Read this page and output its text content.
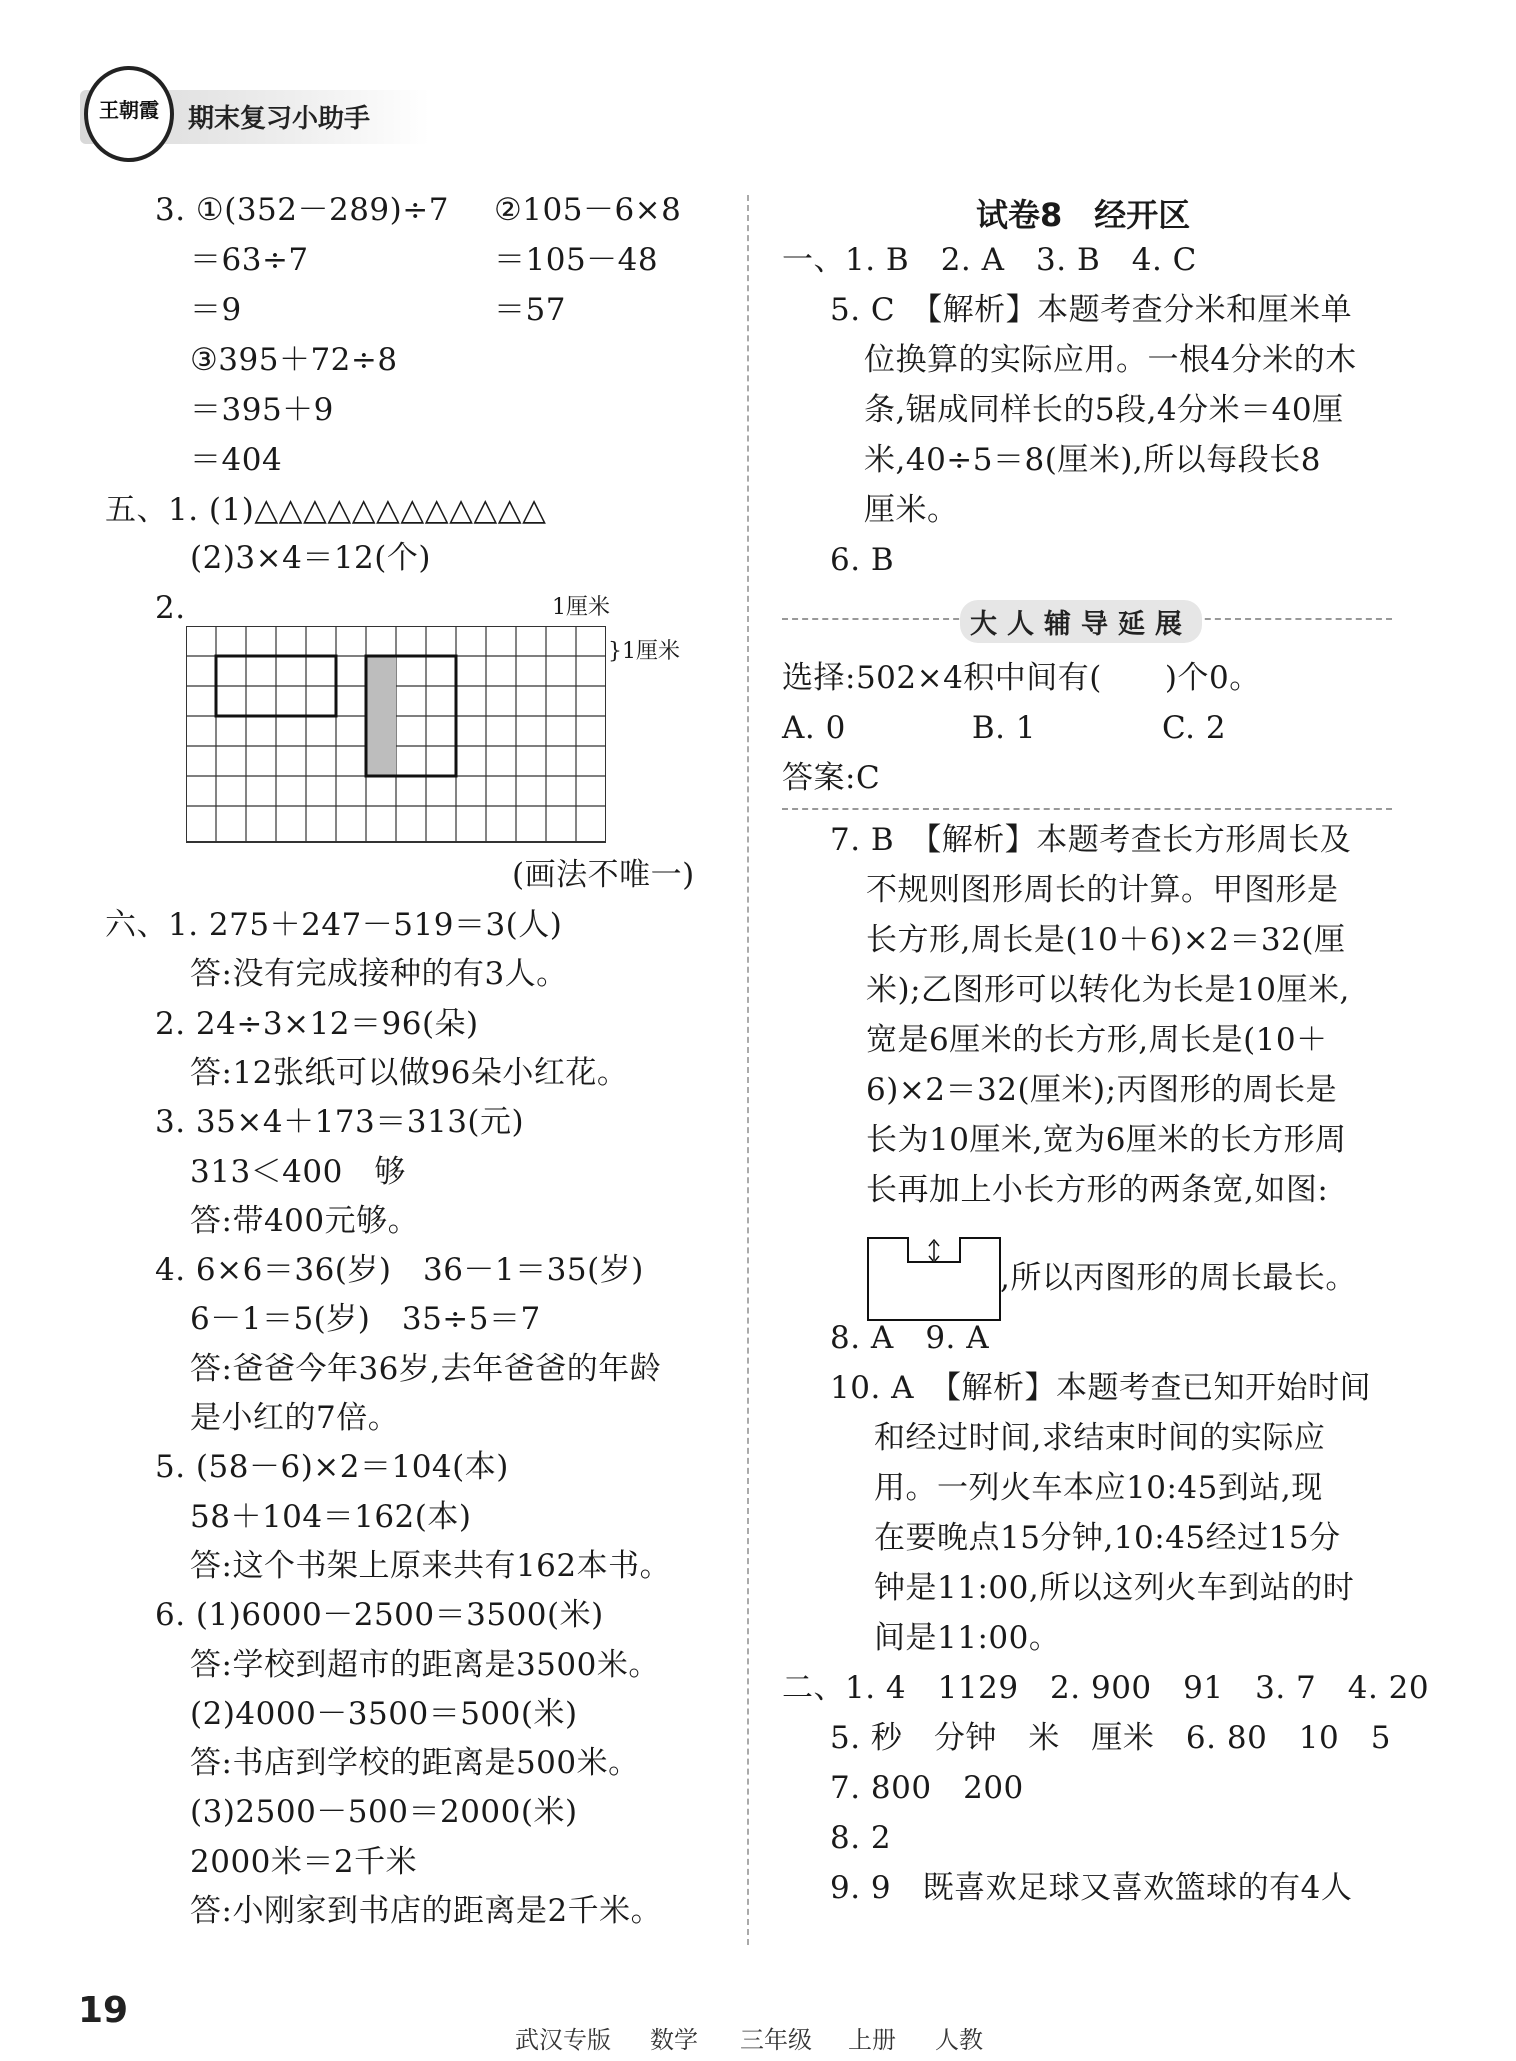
王朝霞 期末复习小助手
3. ①(352－289)÷7 ②105－6×8
＝63÷7	＝105－48
＝9	＝57
③395＋72÷8
＝395＋9
＝404
五、1. (1)△△△△△△△△△△△△
(2)3×4＝12(个)
2.	1厘米
}1厘米
(画法不唯一)
六、1. 275＋247－519＝3(人)
答:没有完成接种的有3人。
2. 24÷3×12＝96(朵)
答:12张纸可以做96朵小红花。
3. 35×4＋173＝313(元)
313＜400　够
答:带400元够。
4. 6×6＝36(岁)　36－1＝35(岁)
6－1＝5(岁)　35÷5＝7
答:爸爸今年36岁,去年爸爸的年龄
是小红的7倍。
5. (58－6)×2＝104(本)
58＋104＝162(本)
答:这个书架上原来共有162本书。
6. (1)6000－2500＝3500(米)
答:学校到超市的距离是3500米。
(2)4000－3500＝500(米)
答:书店到学校的距离是500米。
(3)2500－500＝2000(米)
2000米＝2千米
答:小刚家到书店的距离是2千米。
试卷8　经开区
一、1. B　2. A　3. B　4. C
5. C　【解析】本题考查分米和厘米单
位换算的实际应用。一根4分米的木
条,锯成同样长的5段,4分米＝40厘
米,40÷5＝8(厘米),所以每段长8
厘米。
6. B
大人辅导延展
选择:502×4积中间有(　　)个0。
A. 0　　　　B. 1　　　　C. 2
答案:C
7. B　【解析】本题考查长方形周长及
不规则图形周长的计算。甲图形是
长方形,周长是(10＋6)×2＝32(厘
米);乙图形可以转化为长是10厘米,
宽是6厘米的长方形,周长是(10＋
6)×2＝32(厘米);丙图形的周长是
长为10厘米,宽为6厘米的长方形周
长再加上小长方形的两条宽,如图:
,所以丙图形的周长最长。
8. A　9. A
10. A　【解析】本题考查已知开始时间
和经过时间,求结束时间的实际应
用。一列火车本应10:45到站,现
在要晚点15分钟,10:45经过15分
钟是11:00,所以这列火车到站的时
间是11:00。
二、1. 4　1129　2. 900　91　3. 7　4. 20
5. 秒　分钟　米　厘米　6. 80　10　5
7. 800　200
8. 2
9. 9　既喜欢足球又喜欢篮球的有4人
19
武汉专版 数学 三年级 上册 人教
